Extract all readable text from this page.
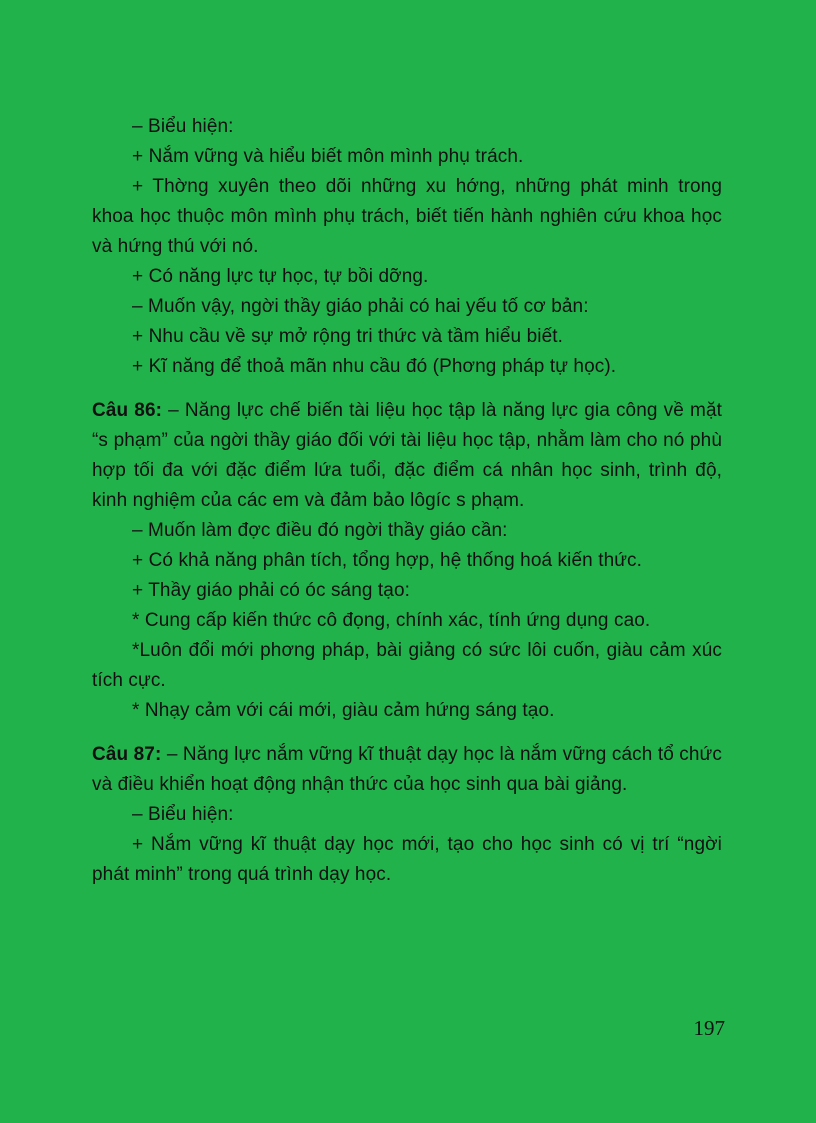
– Biểu hiện:

+ Nắm vững và hiểu biết môn mình phụ trách.

+ Thờng xuyên theo dõi những xu hớng, những phát minh trong khoa học thuộc môn mình phụ trách, biết tiến hành nghiên cứu khoa học và hứng thú với nó.

+ Có năng lực tự học, tự bồi dỡng.

– Muốn vậy, ngời thầy giáo phải có hai yếu tố cơ bản:

+ Nhu cầu về sự mở rộng tri thức và tầm hiểu biết.

+ Kĩ năng để thoả mãn nhu cầu đó (Phơng pháp tự học).

Câu 86: – Năng lực chế biến tài liệu học tập là năng lực gia công về mặt “s phạm” của ngời thầy giáo đối với tài liệu học tập, nhằm làm cho nó phù hợp tối đa với đặc điểm lứa tuổi, đặc điểm cá nhân học sinh, trình độ, kinh nghiệm của các em và đảm bảo lôgíc s phạm.

– Muốn làm đợc điều đó ngời thầy giáo cần:

+ Có khả năng phân tích, tổng hợp, hệ thống hoá kiến thức.

+ Thầy giáo phải có óc sáng tạo:

* Cung cấp kiến thức cô đọng, chính xác, tính ứng dụng cao.

*Luôn đổi mới phơng pháp, bài giảng có sức lôi cuốn, giàu cảm xúc tích cực.

* Nhạy cảm với cái mới, giàu cảm hứng sáng tạo.

Câu 87: – Năng lực nắm vững kĩ thuật dạy học là nắm vững cách tổ chức và điều khiển hoạt động nhận thức của học sinh qua bài giảng.

– Biểu hiện:

+ Nắm vững kĩ thuật dạy học mới, tạo cho học sinh có vị trí “ngời phát minh” trong quá trình dạy học.

197
